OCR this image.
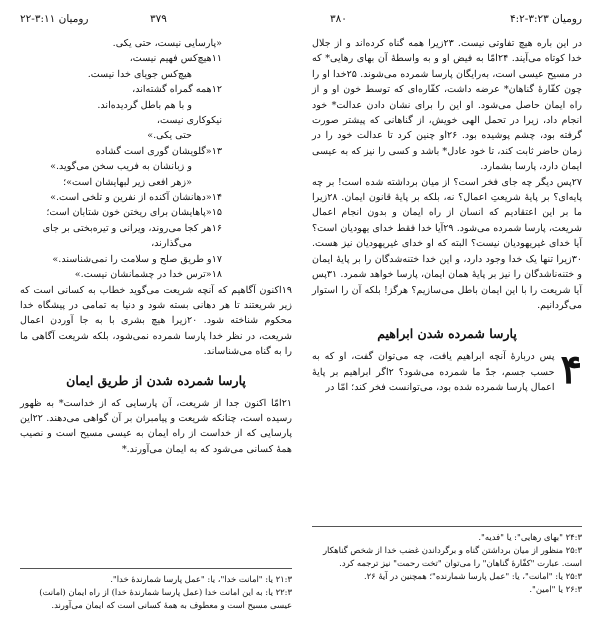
رومیان ۳:۲۳-۴:۲
۳۸۰
۳۷۹
رومیان ۳:۱۱-۲۲

در این باره هیچ تفاوتی نیست. ۲۳زیرا همه گناه کرده‌اند و از جلال خدا کوتاه می‌آیند. ۲۴امّا به فیض او و به واسطهٔ آن بهای رهایی* که در مسیح عیسی است، به‌رایگان پارسا شمرده می‌شوند. ۲۵خدا او را چون کفّارهٔ گناهان* عرضه داشت، کفّاره‌ای که توسط خون او و از راه ایمان حاصل می‌شود. او این را برای نشان دادن عدالت* خود انجام داد، زیرا در تحمل الهی خویش، از گناهانی که پیشتر صورت گرفته بود، چشم پوشیده بود. ۲۶او چنین کرد تا عدالت خود را در زمان حاضر ثابت کند، تا خود عادل* باشد و کسی را نیز که به عیسی ایمان دارد، پارسا بشمارد.

۲۷پس دیگر چه جای فخر است؟ از میان برداشته شده است! بر چه پایه‌ای؟ بر پایهٔ شریعتِ اعمال؟ نه، بلکه بر پایهٔ قانون ایمان. ۲۸زیرا ما بر این اعتقادیم که انسان از راه ایمان و بدون انجام اعمال شریعت، پارسا شمرده می‌شود. ۲۹آیا خدا فقط خدای یهودیان است؟ آیا خدای غیریهودیان نیست؟ البته که او خدای غیریهودیان نیز هست. ۳۰زیرا تنها یک خدا وجود دارد، و این خدا ختنه‌شدگان را بر پایهٔ ایمان و ختنه‌ناشدگان را نیز بر پایهٔ همان ایمان، پارسا خواهد شمرد. ۳۱پس آیا شریعت را با این ایمان باطل می‌سازیم؟ هرگز! بلکه آن را استوار می‌گردانیم.

پارسا شمرده شدن ابراهیم

۴
پس دربارهٔ آنچه ابراهیم یافت، چه می‌توان گفت، او که به حسب جسم، جدّ ما شمرده می‌شود؟ ۲اگر ابراهیم بر پایهٔ اعمال پارسا شمرده شده بود، می‌توانست فخر کند؛ امّا در

۲۴:۳ "بهای رهایی": یا "فدیه".
۲۵:۳ منظور از میان برداشتن گناه و برگرداندن غضب خدا از شخص گناهکار است. عبارت "کفّارهٔ گناهان" را می‌توان "تخت رحمت" نیز ترجمه کرد.
۲۵:۳ یا: "امانت"، یا: "عمل پارسا شمارنده"؛ همچنین در آیهٔ ۲۶.
۲۶:۳ یا "امین".
«پارسایی نیست، حتی یکی.
۱۱هیچ‌کس فهیم نیست،
هیچ‌کس جویای خدا نیست.
۱۲همه گمراه گشته‌اند،
و با هم باطل گردیده‌اند.
نیکوکاری نیست،
حتی یکی.»
۱۳«گلویشان گوری است گشاده
و زبانشان به فریب سخن می‌گوید.»
«زهر افعی زیر لبهایشان است»؛
۱۴«دهانشان آکنده از نفرین و تلخی است.»
۱۵«پاهایشان برای ریختن خون شتابان است؛
۱۶هر کجا می‌روند، ویرانی و تیره‌بختی بر جای
می‌گذارند،
۱۷و طریق صلح و سلامت را نمی‌شناسند.»
۱۸«ترس خدا در چشمانشان نیست.»

۱۹اکنون آگاهیم که آنچه شریعت می‌گوید خطاب به کسانی است که زیر شریعتند تا هر دهانی بسته شود و دنیا به تمامی در پیشگاه خدا محکوم شناخته شود. ۲۰زیرا هیچ بشری با به جا آوردن اعمال شریعت، در نظر خدا پارسا شمرده نمی‌شود، بلکه شریعت آگاهی ما را به گناه می‌شناساند.

پارسا شمرده شدن از طریق ایمان

۲۱امّا اکنون جدا از شریعت، آن پارسایی که از خداست* به ظهور رسیده است، چنانکه شریعت و پیامبران بر آن گواهی می‌دهند. ۲۲این پارسایی که از خداست از راه ایمان به عیسی مسیح است و نصیب همهٔ کسانی می‌شود که به ایمان می‌آورند.*

۲۱:۳ یا: "امانت خدا"، یا: "عمل پارسا شمارندهٔ خدا".
۲۲:۳ یا: به این امانت خدا (عمل پارسا شمارندهٔ خدا) از راه ایمان (امانت) عیسی مسیح است و معطوف به همهٔ کسانی است که ایمان می‌آورند.
